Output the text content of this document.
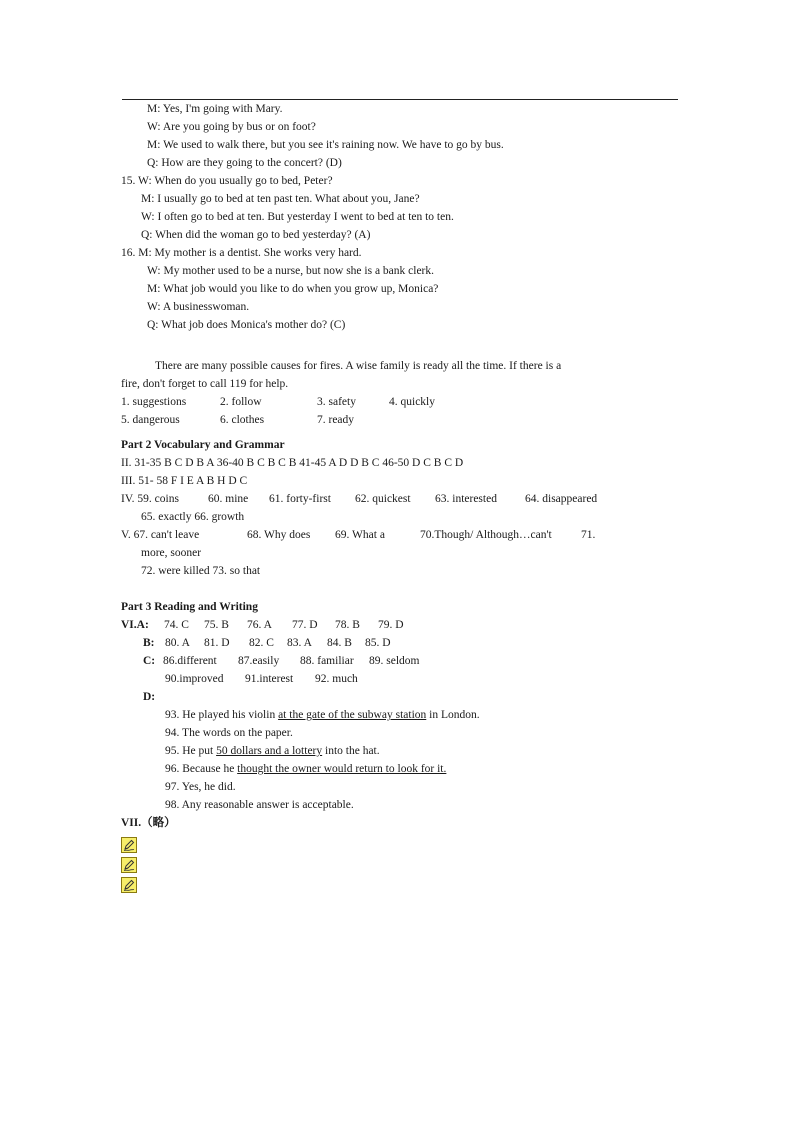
M: Yes, I'm going with Mary.
W: Are you going by bus or on foot?
M: We used to walk there, but you see it's raining now. We have to go by bus.
Q: How are they going to the concert? (D)
15. W: When do you usually go to bed, Peter?
M: I usually go to bed at ten past ten. What about you, Jane?
W: I often go to bed at ten. But yesterday I went to bed at ten to ten.
Q: When did the woman go to bed yesterday? (A)
16. M: My mother is a dentist. She works very hard.
W: My mother used to be a nurse, but now she is a bank clerk.
M: What job would you like to do when you grow up, Monica?
W: A businesswoman.
Q: What job does Monica's mother do? (C)
There are many possible causes for fires. A wise family is ready all the time. If there is a
fire, don't forget to call 119 for help.
1. suggestions	2. follow	3. safety	4. quickly
5. dangerous	6. clothes	7. ready
Part 2 Vocabulary and Grammar
II. 31-35 B C D B A 36-40 B C B C B 41-45 A D D B C 46-50 D C B C D
III. 51- 58 F I E A B H D C
IV. 59. coins	60. mine 61. forty-first 62. quickest 63. interested 64. disappeared
65. exactly 66. growth
V. 67. can't leave	68. Why does 69. What a	70.Though/ Although…can't	71.
more, sooner
72. were killed 73. so that
Part 3 Reading and Writing
VI.A: 74. C 75. B 76. A 77. D 78. B 79. D
B: 80. A 81. D 82. C 83. A 84. B 85. D
C: 86.different 87.easily 88. familiar 89. seldom
90.improved 91.interest 92. much
D:
93. He played his violin at the gate of the subway station in London.
94. The words on the paper.
95. He put 50 dollars and a lottery into the hat.
96. Because he thought the owner would return to look for it.
97. Yes, he did.
98. Any reasonable answer is acceptable.
VII.（略）
